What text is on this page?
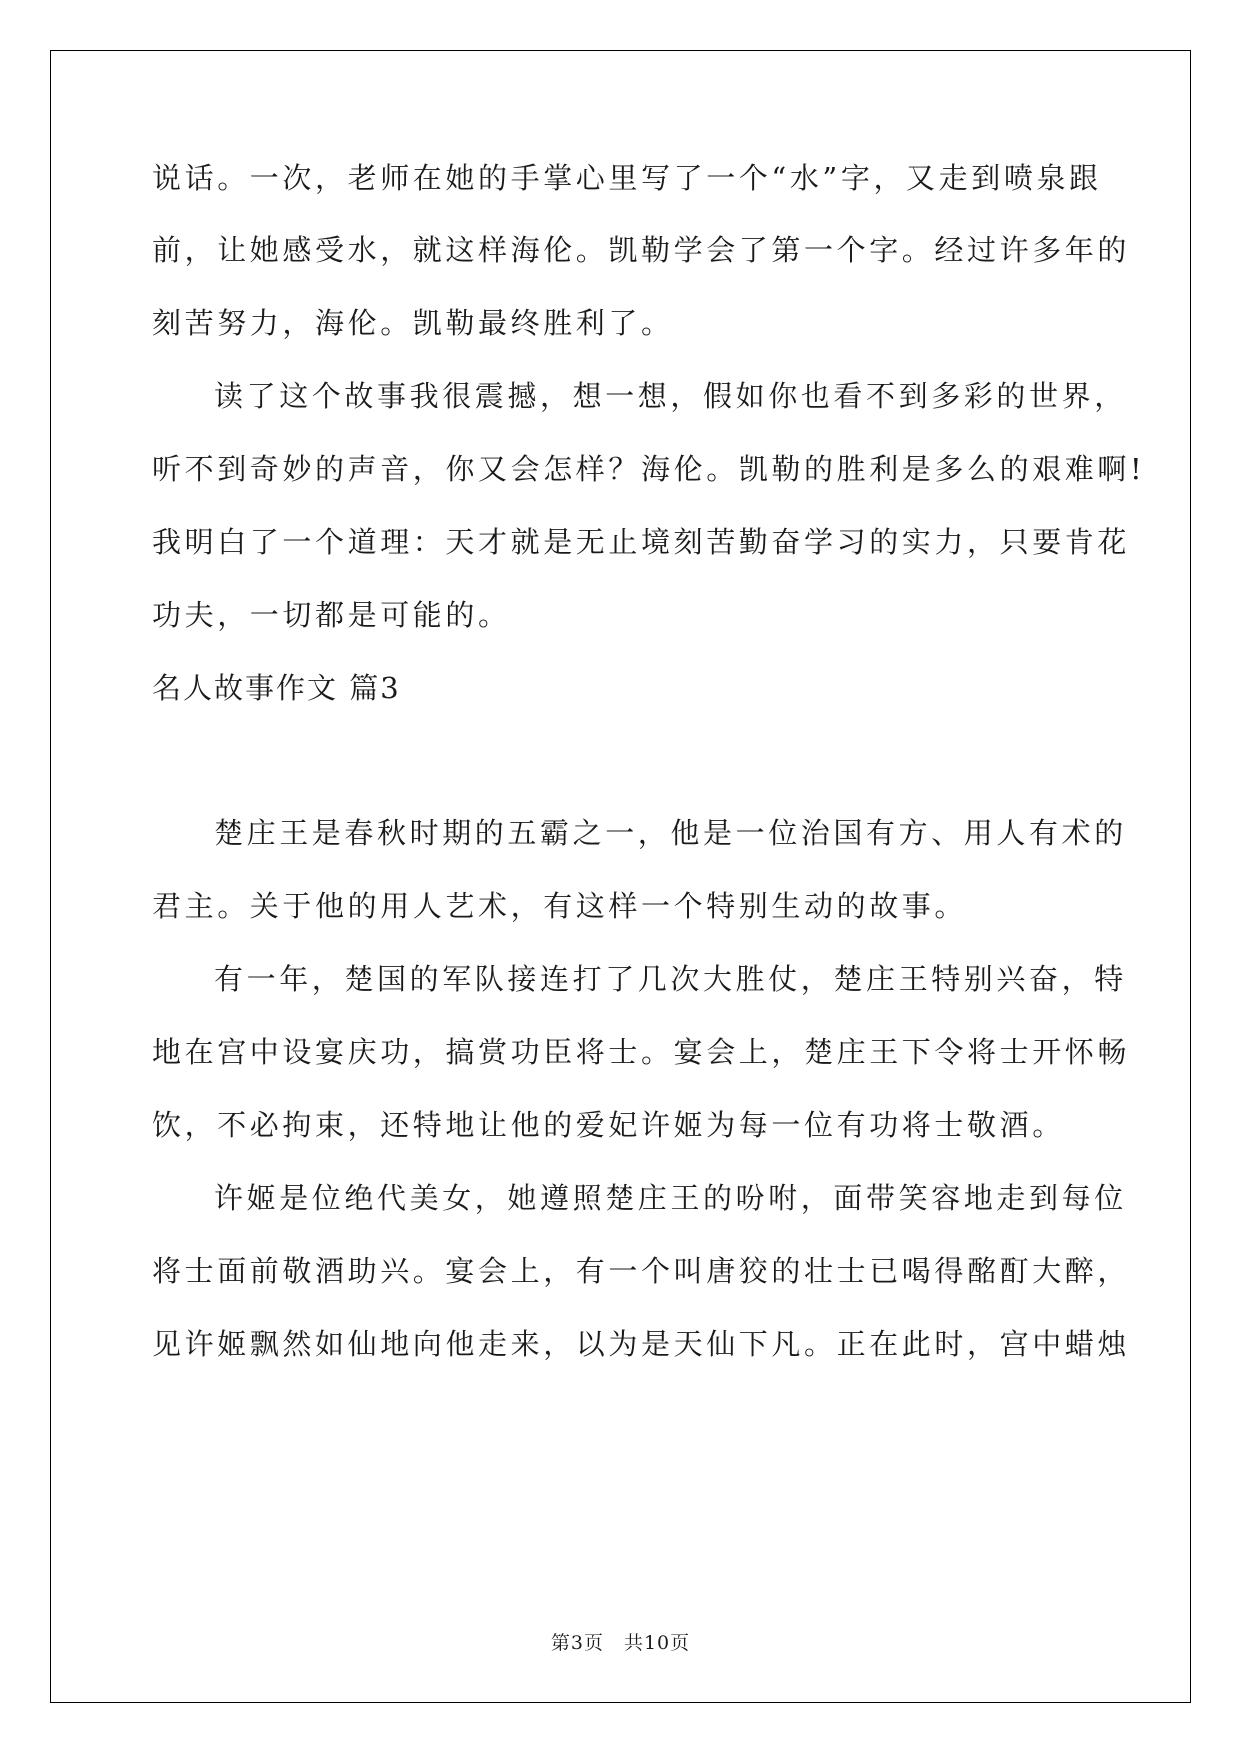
说话。一次，老师在她的手掌心里写了一个“水”字，又走到喷泉跟
前，让她感受水，就这样海伦。凯勒学会了第一个字。经过许多年的
刻苦努力，海伦。凯勒最终胜利了。
读了这个故事我很震撼，想一想，假如你也看不到多彩的世界，
听不到奇妙的声音，你又会怎样？海伦。凯勒的胜利是多么的艰难啊!
我明白了一个道理：天才就是无止境刻苦勤奋学习的实力，只要肯花
功夫，一切都是可能的。
名人故事作文 篇3
楚庄王是春秋时期的五霸之一，他是一位治国有方、用人有术的
君主。关于他的用人艺术，有这样一个特别生动的故事。
有一年，楚国的军队接连打了几次大胜仗，楚庄王特别兴奋，特
地在宫中设宴庆功，搞赏功臣将士。宴会上，楚庄王下令将士开怀畅
饮，不必拘束，还特地让他的爱妃许姬为每一位有功将士敬酒。
许姬是位绝代美女，她遵照楚庄王的吩咐，面带笑容地走到每位
将士面前敬酒助兴。宴会上，有一个叫唐狡的壮士已喝得酩酊大醉，
见许姬飘然如仙地向他走来，以为是天仙下凡。正在此时，宫中蜡烛
第3页　共10页
